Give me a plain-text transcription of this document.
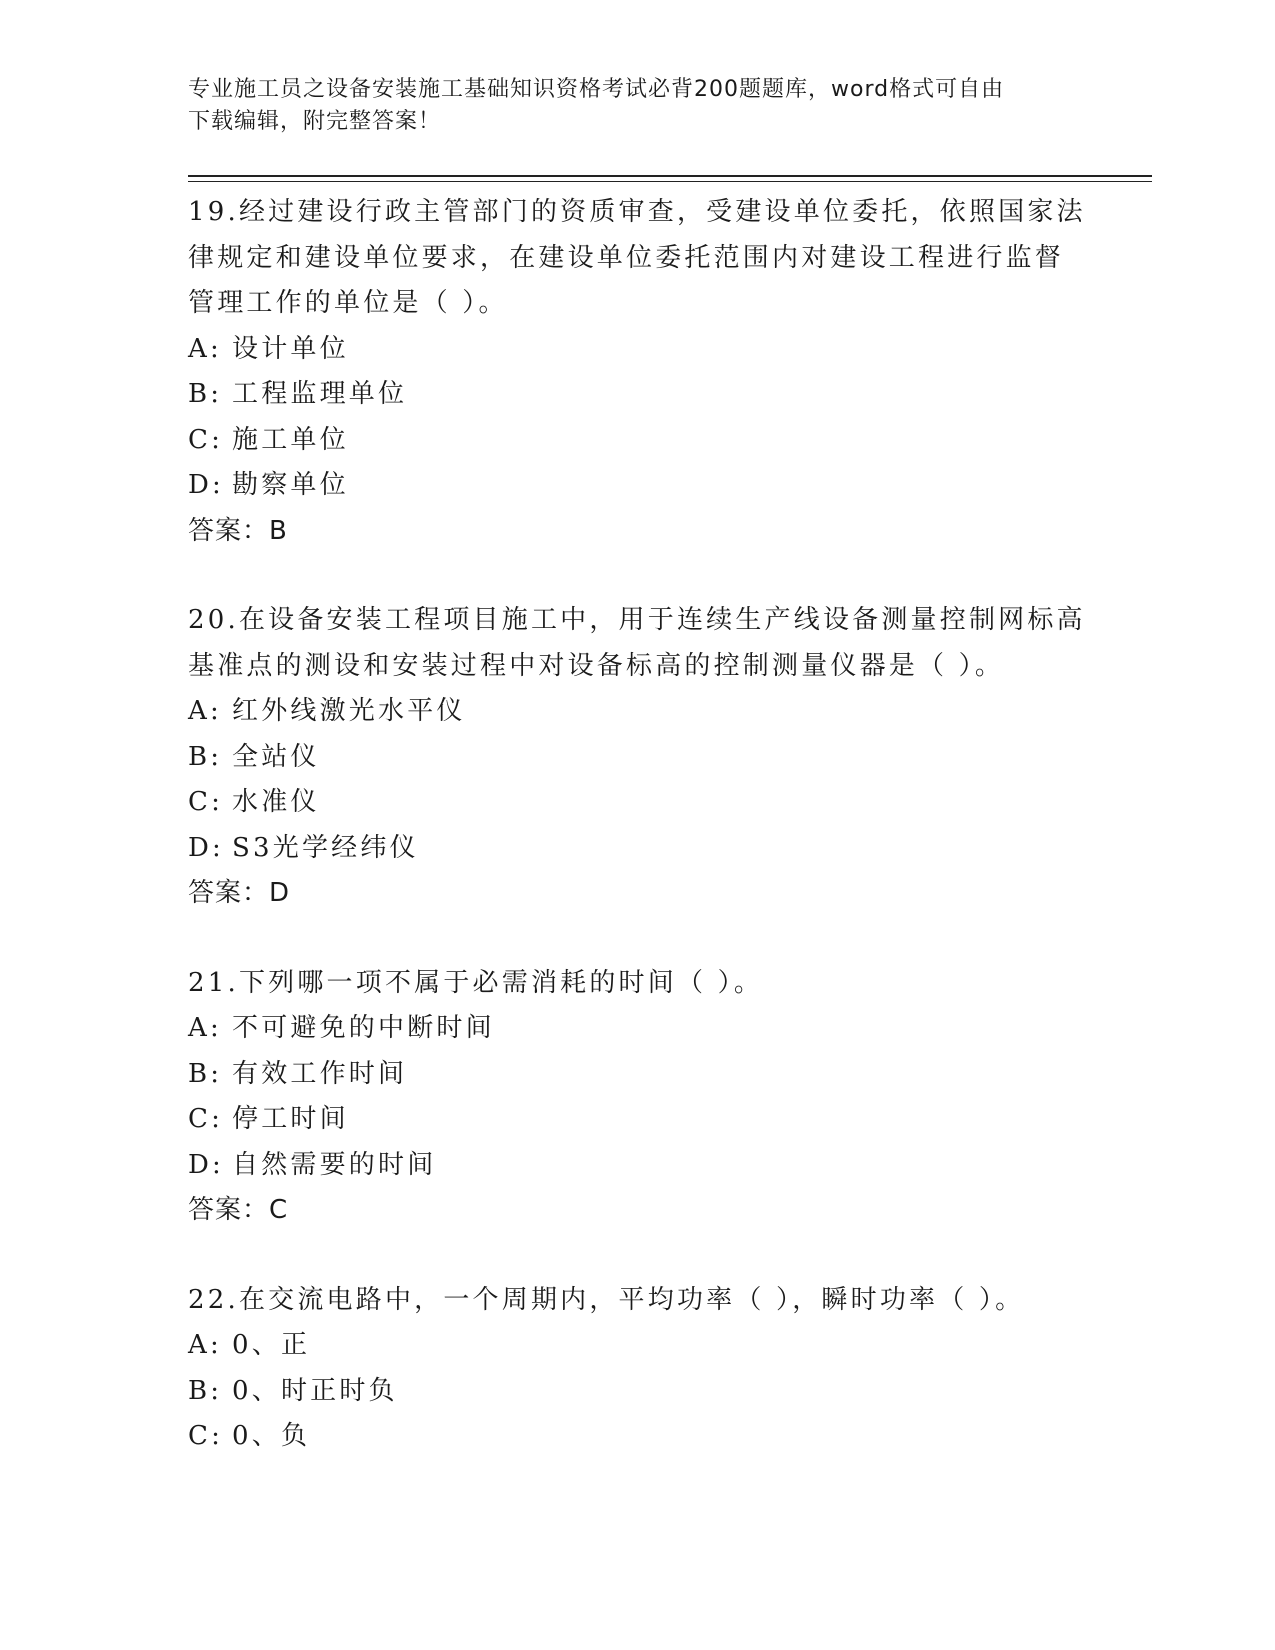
专业施工员之设备安装施工基础知识资格考试必背200题题库，word格式可自由
下载编辑，附完整答案！

19.经过建设行政主管部门的资质审查，受建设单位委托，依照国家法律规定和建设单位要求，在建设单位委托范围内对建设工程进行监督管理工作的单位是（ ）。

A: 设计单位

B: 工程监理单位

C: 施工单位

D: 勘察单位

答案：B

20.在设备安装工程项目施工中，用于连续生产线设备测量控制网标高基准点的测设和安装过程中对设备标高的控制测量仪器是（ ）。

A: 红外线激光水平仪

B: 全站仪

C: 水准仪

D: S3光学经纬仪

答案：D

21.下列哪一项不属于必需消耗的时间（ ）。

A: 不可避免的中断时间

B: 有效工作时间

C: 停工时间

D: 自然需要的时间

答案：C

22.在交流电路中，一个周期内，平均功率（ ），瞬时功率（ ）。

A: 0、正

B: 0、时正时负

C: 0、负
